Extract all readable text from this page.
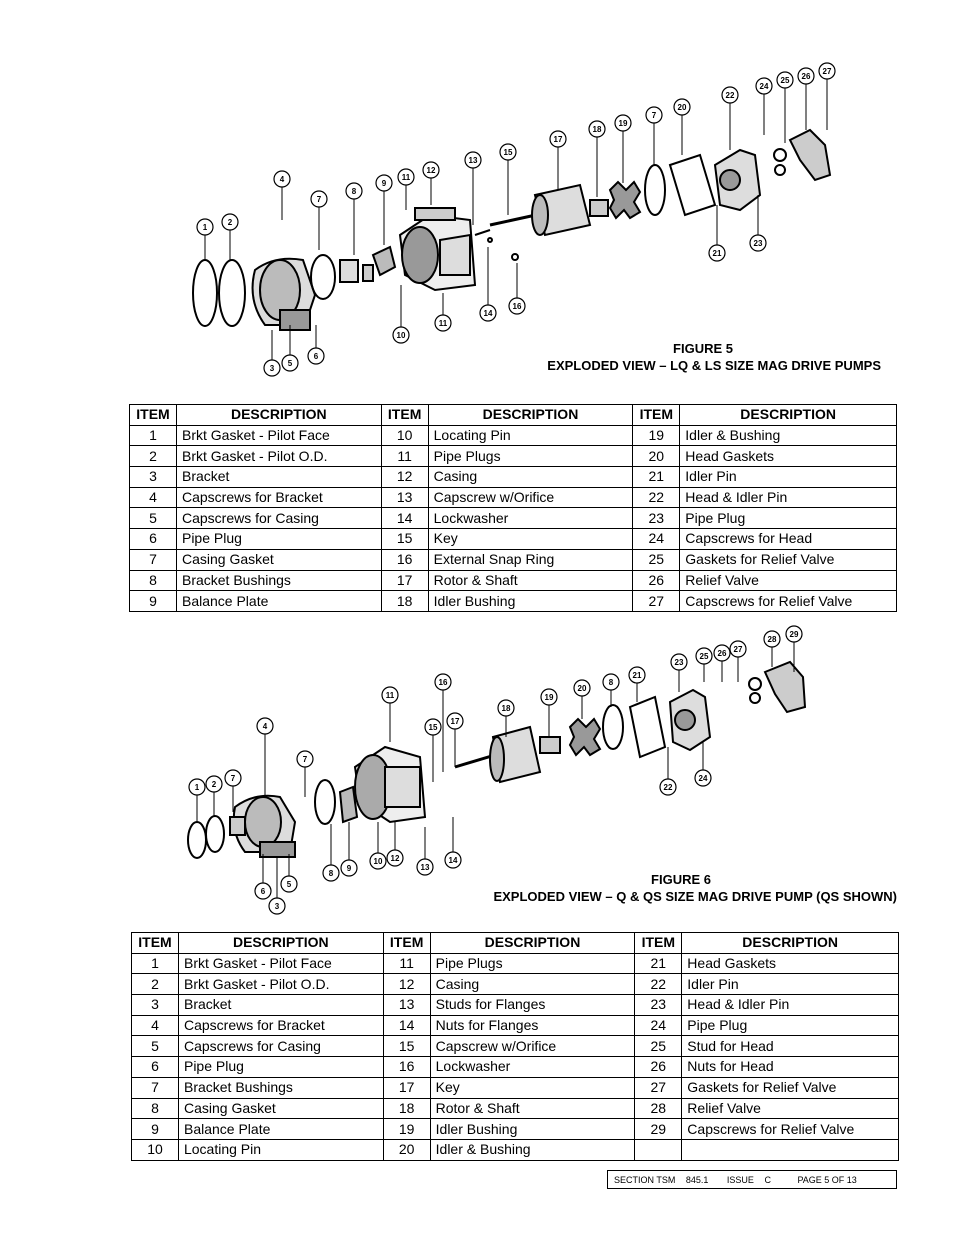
1
2
3
4
5
6
7
8
9
11
10
11
12
13
14
15
16
17
18
19
7
20
21
22
23
24
25 26
27
FIGURE 5
EXPLODED VIEW – LQ & LS SIZE MAG DRIVE PUMPS
ITEM	DESCRIPTION	ITEM	DESCRIPTION	ITEM	DESCRIPTION
1	Brkt Gasket - Pilot Face	10	Locating Pin	19	Idler & Bushing
2	Brkt Gasket - Pilot O.D.	11	Pipe Plugs	20	Head Gaskets
3	Bracket	12	Casing	21	Idler Pin
4	Capscrews for Bracket	13	Capscrew w/Orifice	22	Head & Idler Pin
5	Capscrews for Casing	14	Lockwasher	23	Pipe Plug
6	Pipe Plug	15	Key	24	Capscrews for Head
7	Casing Gasket	16	External Snap Ring	25	Gaskets for Relief Valve
8	Bracket Bushings	17	Rotor & Shaft	26	Relief Valve
9	Balance Plate	18	Idler Bushing	27	Capscrews for Relief Valve
1 2
7
4
3
5
6
7
8
9
10
11
12
13
14
15
16
17
18
19
20
8
21
22
23
24
25 26 27
28
29
FIGURE 6
EXPLODED VIEW – Q & QS SIZE MAG DRIVE PUMP (QS SHOWN)
ITEM	DESCRIPTION	ITEM	DESCRIPTION	ITEM	DESCRIPTION
1	Brkt Gasket - Pilot Face	11	Pipe Plugs	21	Head Gaskets
2	Brkt Gasket - Pilot O.D.	12	Casing	22	Idler Pin
3	Bracket	13	Studs for Flanges	23	Head & Idler Pin
4	Capscrews for Bracket	14	Nuts for Flanges	24	Pipe Plug
5	Capscrews for Casing	15	Capscrew w/Orifice	25	Stud for Head
6	Pipe Plug	16	Lockwasher	26	Nuts for Head
7	Bracket Bushings	17	Key	27	Gaskets for Relief Valve
8	Casing Gasket	18	Rotor & Shaft	28	Relief Valve
9	Balance Plate	19	Idler Bushing	29	Capscrews for Relief Valve
10	Locating Pin	20	Idler & Bushing		
SECTION TSM 845.1 ISSUE C	PAGE 5 OF 13
